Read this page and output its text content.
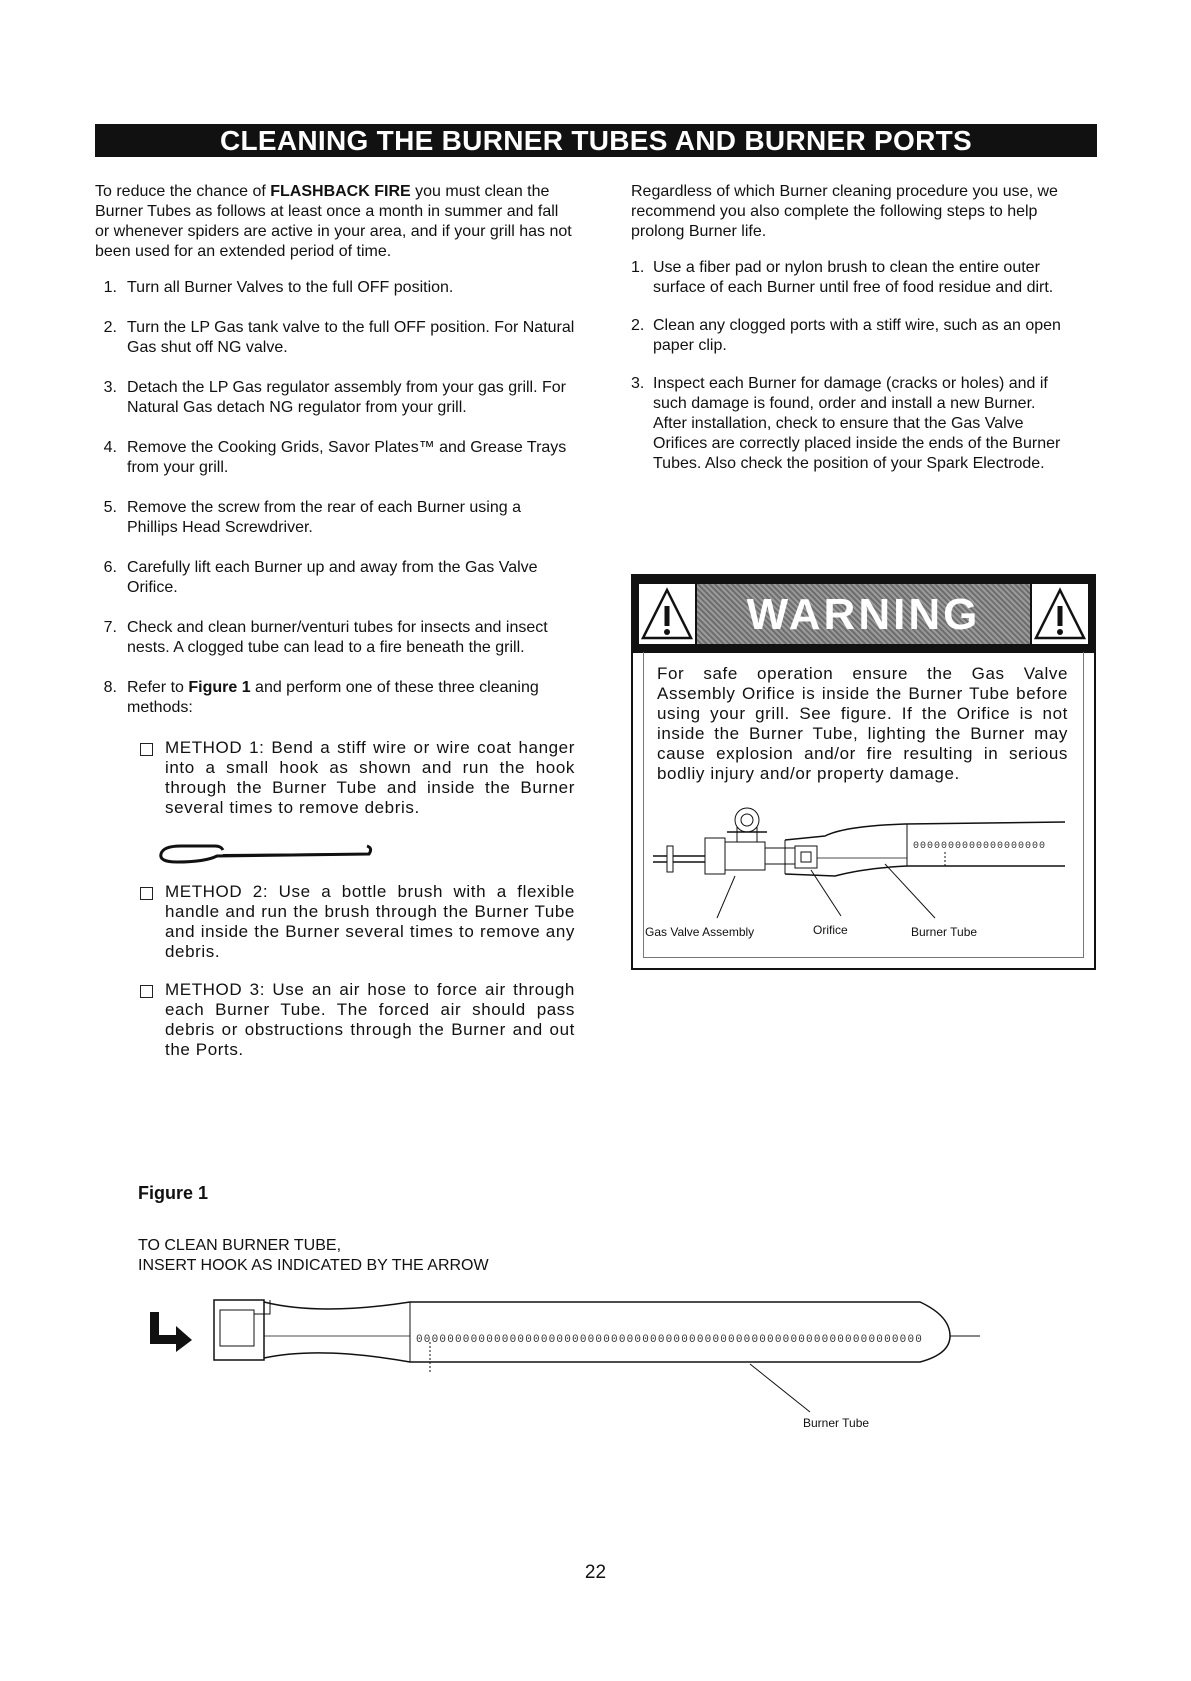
CLEANING THE BURNER TUBES AND BURNER PORTS

To reduce the chance of FLASHBACK FIRE you must clean the Burner Tubes as follows at least once a month in summer and fall or whenever spiders are active in your area, and if your grill has not been used for an extended period of time.

1. Turn all Burner Valves to the full OFF position.
2. Turn the LP Gas tank valve to the full OFF position. For Natural Gas shut off NG valve.
3. Detach the LP Gas regulator assembly from your gas grill. For Natural Gas detach NG regulator from your grill.
4. Remove the Cooking Grids, Savor Plates™ and Grease Trays from your grill.
5. Remove the screw from the rear of each Burner using a Phillips Head Screwdriver.
6. Carefully lift each Burner up and away from the Gas Valve Orifice.
7. Check and clean burner/venturi tubes for insects and insect nests. A clogged tube can lead to a fire beneath the grill.
8. Refer to Figure 1 and perform one of these three cleaning methods:
METHOD 1: Bend a stiff wire or wire coat hanger into a small hook as shown and run the hook through the Burner Tube and inside the Burner several times to remove debris.
METHOD 2: Use a bottle brush with a flexible handle and run the brush through the Burner Tube and inside the Burner several times to remove any debris.
METHOD 3: Use an air hose to force air through each Burner Tube. The forced air should pass debris or obstructions through the Burner and out the Ports.

Regardless of which Burner cleaning procedure you use, we recommend you also complete the following steps to help prolong Burner life.

1. Use a fiber pad or nylon brush to clean the entire outer surface of each Burner until free of food residue and dirt.
2. Clean any clogged ports with a stiff wire, such as an open paper clip.
3. Inspect each Burner for damage (cracks or holes) and if such damage is found, order and install a new Burner. After installation, check to ensure that the Gas Valve Orifices are correctly placed inside the ends of the Burner Tubes. Also check the position of your Spark Electrode.
WARNING
For safe operation ensure the Gas Valve Assembly Orifice is inside the Burner Tube before using your grill. See figure. If the Orifice is not inside the Burner Tube, lighting the Burner may cause explosion and/or fire resulting in serious bodliy injury and/or property damage.
0000000000000000000
Gas Valve Assembly	Orifice	Burner Tube
Figure 1
TO CLEAN BURNER TUBE,
INSERT HOOK AS INDICATED BY THE ARROW
00000000000000000000000000000000000000000000000000000000000000000
Burner Tube
22
